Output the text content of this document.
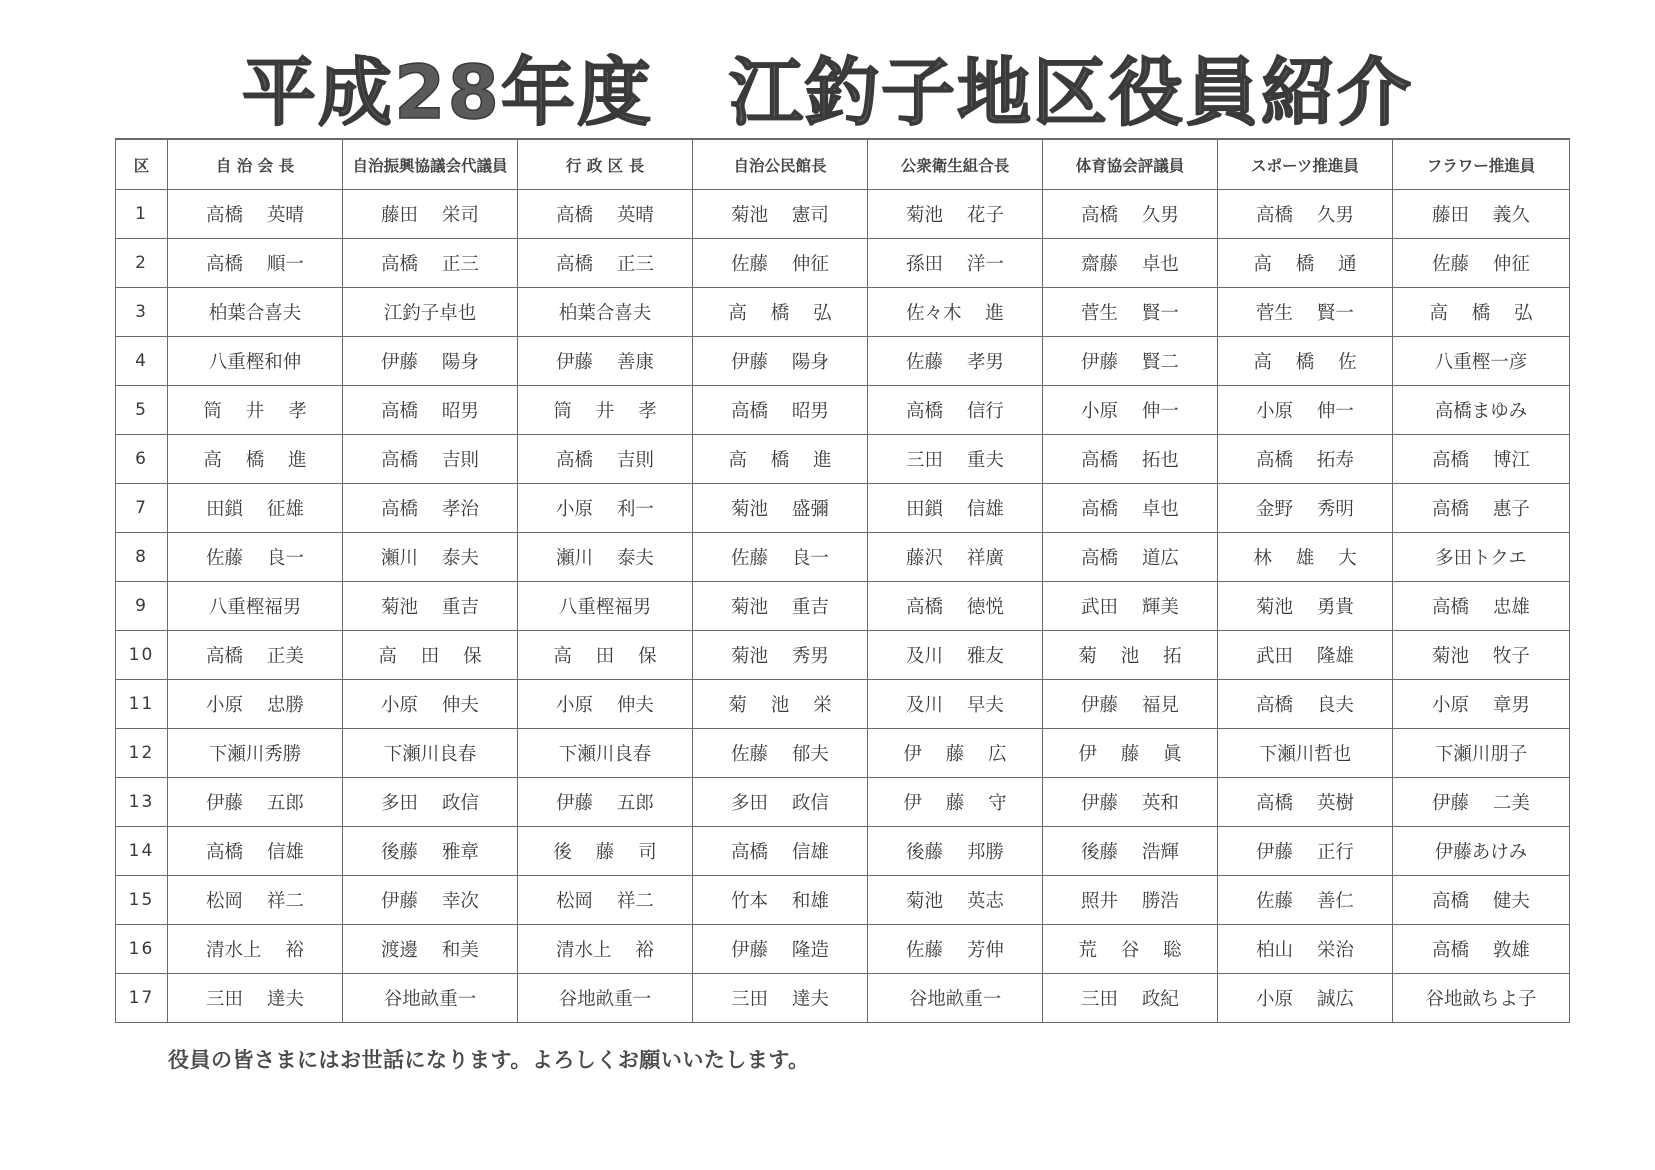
平成28年度　江釣子地区役員紹介
区	自 治 会 長	自治振興協議会代議員	行 政 区 長	自治公民館長	公衆衛生組合長	体育協会評議員	スポーツ推進員	フラワー推進員
1	高橋 英晴	藤田 栄司	高橋 英晴	菊池 憲司	菊池 花子	高橋 久男	高橋 久男	藤田 義久
2	高橋 順一	高橋 正三	高橋 正三	佐藤 伸征	孫田 洋一	齋藤 卓也	高 橋 通	佐藤 伸征
3	柏葉合喜夫	江釣子卓也	柏葉合喜夫	高 橋 弘	佐々木 進	菅生 賢一	菅生 賢一	高 橋 弘
4	八重樫和伸	伊藤 陽身	伊藤 善康	伊藤 陽身	佐藤 孝男	伊藤 賢二	高 橋 佐	八重樫一彦
5	筒 井 孝	高橋 昭男	筒 井 孝	高橋 昭男	高橋 信行	小原 伸一	小原 伸一	高橋まゆみ
6	高 橋 進	高橋 吉則	高橋 吉則	高 橋 進	三田 重夫	高橋 拓也	高橋 拓寿	高橋 博江
7	田鎖 征雄	高橋 孝治	小原 利一	菊池 盛彌	田鎖 信雄	高橋 卓也	金野 秀明	高橋 惠子
8	佐藤 良一	瀬川 泰夫	瀬川 泰夫	佐藤 良一	藤沢 祥廣	高橋 道広	林 雄 大	多田トクエ
9	八重樫福男	菊池 重吉	八重樫福男	菊池 重吉	高橋 徳悦	武田 輝美	菊池 勇貴	高橋 忠雄
10	高橋 正美	高 田 保	高 田 保	菊池 秀男	及川 雅友	菊 池 拓	武田 隆雄	菊池 牧子
11	小原 忠勝	小原 伸夫	小原 伸夫	菊 池 栄	及川 早夫	伊藤 福見	高橋 良夫	小原 章男
12	下瀬川秀勝	下瀬川良春	下瀬川良春	佐藤 郁夫	伊 藤 広	伊 藤 眞	下瀬川哲也	下瀬川朋子
13	伊藤 五郎	多田 政信	伊藤 五郎	多田 政信	伊 藤 守	伊藤 英和	高橋 英樹	伊藤 二美
14	高橋 信雄	後藤 雅章	後 藤 司	高橋 信雄	後藤 邦勝	後藤 浩輝	伊藤 正行	伊藤あけみ
15	松岡 祥二	伊藤 幸次	松岡 祥二	竹本 和雄	菊池 英志	照井 勝浩	佐藤 善仁	高橋 健夫
16	清水上 裕	渡邊 和美	清水上 裕	伊藤 隆造	佐藤 芳伸	荒 谷 聡	柏山 栄治	高橋 敦雄
17	三田 達夫	谷地畝重一	谷地畝重一	三田 達夫	谷地畝重一	三田 政紀	小原 誠広	谷地畝ちよ子
役員の皆さまにはお世話になります。よろしくお願いいたします。
